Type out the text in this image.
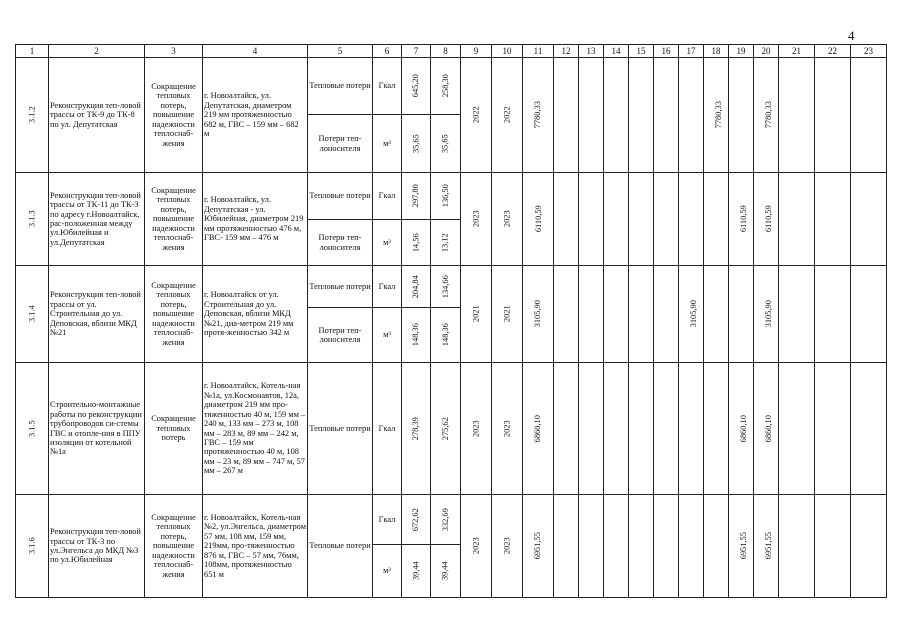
4
1	2	3	4	5	6	7	8	9	10	11	12	13	14	15	16	17	18	19	20	21	22	23
3.1.2	Реконструкция теп-ловой трассы от ТК-9 до ТК-8 по ул. Депутатская	Сокращение тепловых потерь, повышение надежности теплоснаб-жения	г. Новоалтайск, ул. Депутатская, диаметром 219 мм протяженностью 682 м, ГВС – 159 мм – 682 м	Тепловые потери	Гкал	645,20	258,30	2022	2022	7780,33							7780,33		7780,33			
				Потери теп-лоносителя	м³	35,65	35,65															
3.1.3	Реконструкция теп-ловой трассы от ТК-11 до ТК-3 по адресу г.Новоалтайск, рас-положенная между ул.Юбилейная и ул.Депутатская	Сокращение тепловых потерь, повышение надежности теплоснаб-жения	г. Новоалтайск, ул. Депутатская - ул. Юбилейная, диаметром 219 мм протяженностью 476 м, ГВС- 159 мм – 476 м	Тепловые потери	Гкал	297,80	136,50	2023	2023	6110,59								6110,59	6110,59			
				Потери теп-лоносителя	м³	14,56	13,12															
3.1.4	Реконструкция теп-ловой трассы от ул. Строительная до ул. Деповская, вблизи МКД №21	Сокращение тепловых потерь, повышение надежности теплоснаб-жения	г. Новоалтайск от ул. Строительная до ул. Деповская, вблизи МКД №21, диа-метром 219 мм протя-женностью 342 м	Тепловые потери	Гкал	204,84	134,66	2021	2021	3105,90						3105,90			3105,90			
				Потери теп-лоносителя	м³	148,36	148,36															
3.1.5	Строительно-монтажные работы по реконструкции трубопроводов си-стемы ГВС и отопле-ния в ППУ изоляции от котельной №1а	Сокращение тепловых потерь	г. Новоалтайск, Котель-ная №1а, ул.Космонавтов, 12а, диаметром 219 мм про-тяженностью 40 м, 159 мм – 240 м, 133 мм – 273 м, 108 мм – 283 м, 89 мм – 242 м, ГВС – 159 мм протяженностью 40 м, 108 мм – 23 м, 89 мм – 747 м, 57 мм – 267 м	Тепловые потери	Гкал	278,39	275,62	2023	2023	6860,10								6860,10	6860,10			
3.1.6	Реконструкция теп-ловой трассы от ТК-3 по ул.Энгельса до МКД №3 по ул.Юбилейная	Сокращение тепловых потерь, повышение надежности теплоснаб-жения	г. Новоалтайск, Котель-ная №2, ул.Энгельса, диаметром 57 мм, 108 мм, 159 мм, 219мм, про-тяженностью 876 м, ГВС – 57 мм, 76мм, 108мм, протяженностью 651 м	Тепловые потери	Гкал	672,62	332,69	2023	2023	6951,55								6951,55	6951,55			
					м³	39,44	39,44															
